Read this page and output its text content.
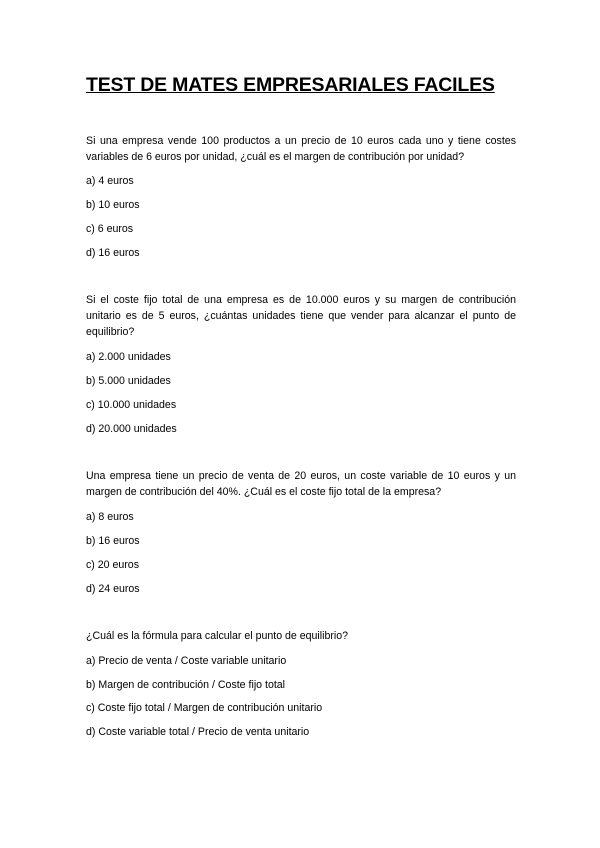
TEST DE MATES EMPRESARIALES FACILES

Si una empresa vende 100 productos a un precio de 10 euros cada uno y tiene costes variables de 6 euros por unidad, ¿cuál es el margen de contribución por unidad?

a) 4 euros

b) 10 euros

c) 6 euros

d) 16 euros

Si el coste fijo total de una empresa es de 10.000 euros y su margen de contribución unitario es de 5 euros, ¿cuántas unidades tiene que vender para alcanzar el punto de equilibrio?

a) 2.000 unidades

b) 5.000 unidades

c) 10.000 unidades

d) 20.000 unidades

Una empresa tiene un precio de venta de 20 euros, un coste variable de 10 euros y un margen de contribución del 40%. ¿Cuál es el coste fijo total de la empresa?

a) 8 euros

b) 16 euros

c) 20 euros

d) 24 euros

¿Cuál es la fórmula para calcular el punto de equilibrio?

a) Precio de venta / Coste variable unitario

b) Margen de contribución / Coste fijo total

c) Coste fijo total / Margen de contribución unitario

d) Coste variable total / Precio de venta unitario
